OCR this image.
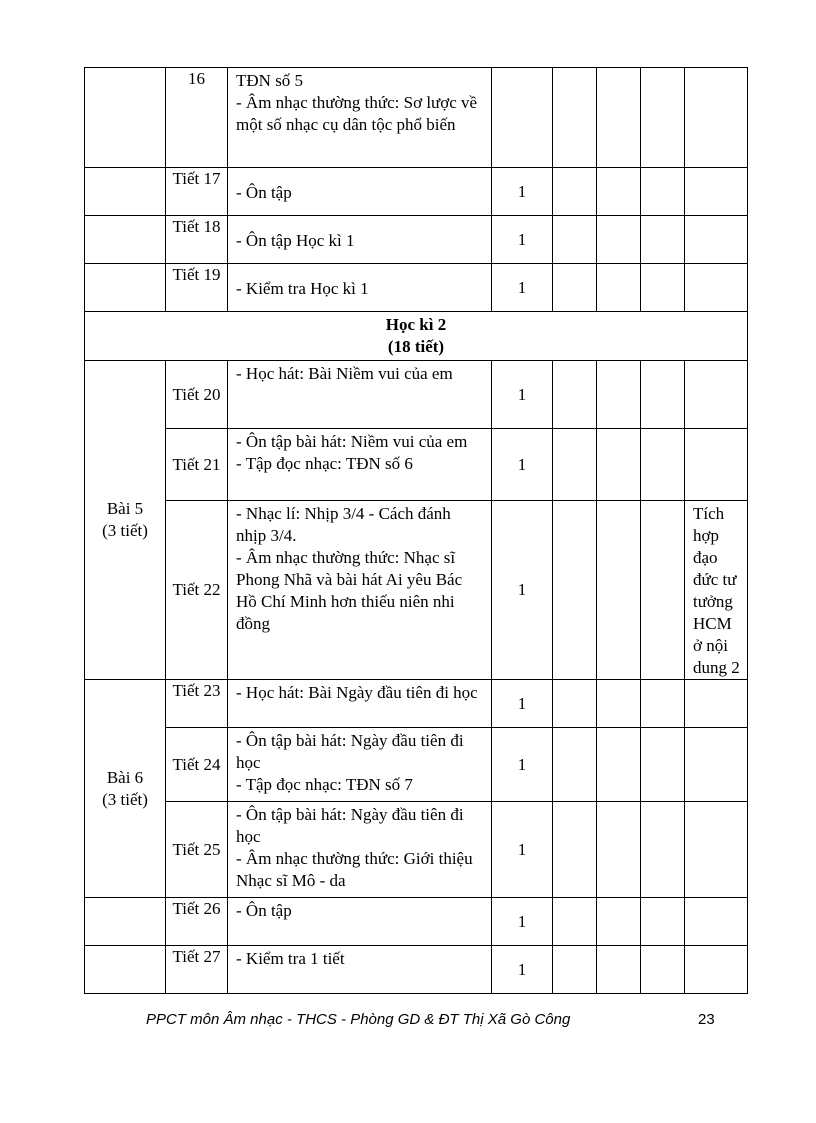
	16	TĐN số 5
- Âm nhạc thường thức: Sơ lược về một số nhạc cụ dân tộc phổ biến					
	Tiết 17	- Ôn tập	1				
	Tiết 18	- Ôn tập Học kì 1	1				
	Tiết 19	- Kiểm tra Học kì 1	1				

Học kì 2
(18 tiết)							

Bài 5
(3 tiết)	Tiết 20	- Học hát: Bài Niềm vui của em	1				
	Tiết 21	- Ôn tập bài hát: Niềm vui của em
- Tập đọc nhạc: TĐN số 6	1				
	Tiết 22	- Nhạc lí: Nhịp 3/4 - Cách đánh nhịp 3/4.
- Âm nhạc thường thức: Nhạc sĩ Phong Nhã và bài hát Ai yêu Bác Hồ Chí Minh hơn thiếu niên nhi đồng	1				Tích hợp đạo đức tư tưởng HCM ở nội dung 2
Bài 6
(3 tiết)	Tiết 23	- Học hát: Bài Ngày đầu tiên đi học	1				
	Tiết 24	- Ôn tập bài hát: Ngày đầu tiên đi học
- Tập đọc nhạc: TĐN số 7	1				
	Tiết 25	- Ôn tập bài hát: Ngày đầu tiên đi học
- Âm nhạc thường thức: Giới thiệu Nhạc sĩ Mô - da	1				
	Tiết 26	- Ôn tập	1				
	Tiết 27	- Kiểm tra 1 tiết	1				
PPCT môn Âm nhạc - THCS - Phòng GD & ĐT Thị Xã Gò Công	23
